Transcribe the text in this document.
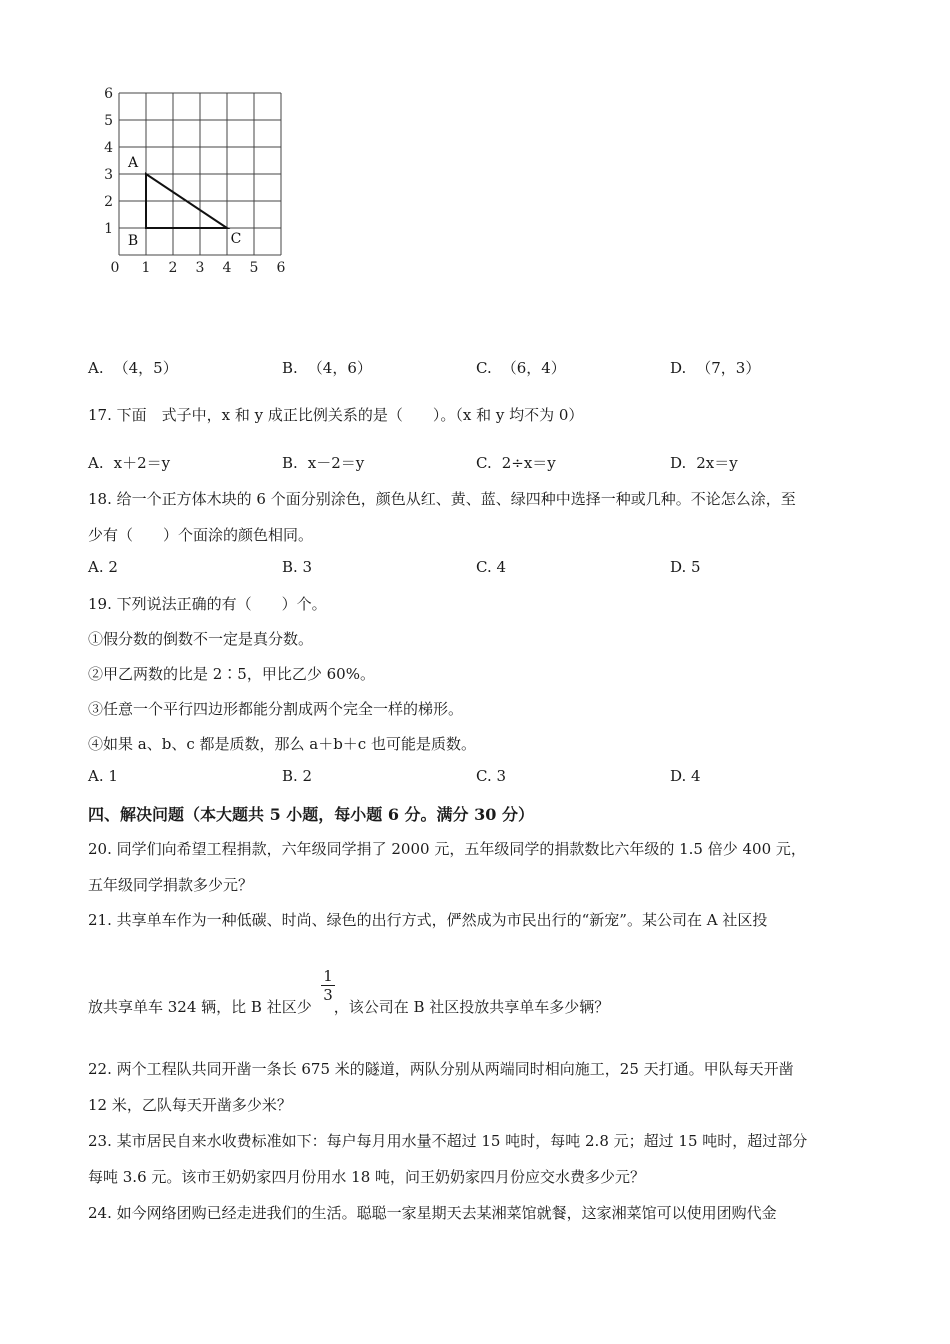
0 1 2 3 4 5 6
1
2
3
4
5
6
A
B	C
A. （4，5）	B. （4，6）	C. （6，4）	D. （7，3）
17. 下面　式子中，x 和 y 成正比例关系的是（　　）。（x 和 y 均不为 0）
A. x＋2＝y	B. x－2＝y	C. 2÷x＝y	D. 2x＝y
18. 给一个正方体木块的 6 个面分别涂色，颜色从红、黄、蓝、绿四种中选择一种或几种。不论怎么涂，至
少有（　　）个面涂的颜色相同。
A. 2	B. 3	C. 4	D. 5
19. 下列说法正确的有（　　）个。
①假分数的倒数不一定是真分数。
②甲乙两数的比是 2∶5，甲比乙少 60%。
③任意一个平行四边形都能分割成两个完全一样的梯形。
④如果 a、b、c 都是质数，那么 a＋b＋c 也可能是质数。
A. 1	B. 2	C. 3	D. 4
四、解决问题（本大题共 5 小题，每小题 6 分。满分 30 分）
20. 同学们向希望工程捐款，六年级同学捐了 2000 元，五年级同学的捐款数比六年级的 1.5 倍少 400 元，
五年级同学捐款多少元？
21. 共享单车作为一种低碳、时尚、绿色的出行方式，俨然成为市民出行的“新宠”。某公司在 A 社区投
放共享单车 324 辆，比 B 社区少 ，该公司在 B 社区投放共享单车多少辆？
1
3
22. 两个工程队共同开凿一条长 675 米的隧道，两队分别从两端同时相向施工，25 天打通。甲队每天开凿
12 米，乙队每天开凿多少米？
23. 某市居民自来水收费标准如下：每户每月用水量不超过 15 吨时，每吨 2.8 元；超过 15 吨时，超过部分
每吨 3.6 元。该市王奶奶家四月份用水 18 吨，问王奶奶家四月份应交水费多少元？
24. 如今网络团购已经走进我们的生活。聪聪一家星期天去某湘菜馆就餐，这家湘菜馆可以使用团购代金
